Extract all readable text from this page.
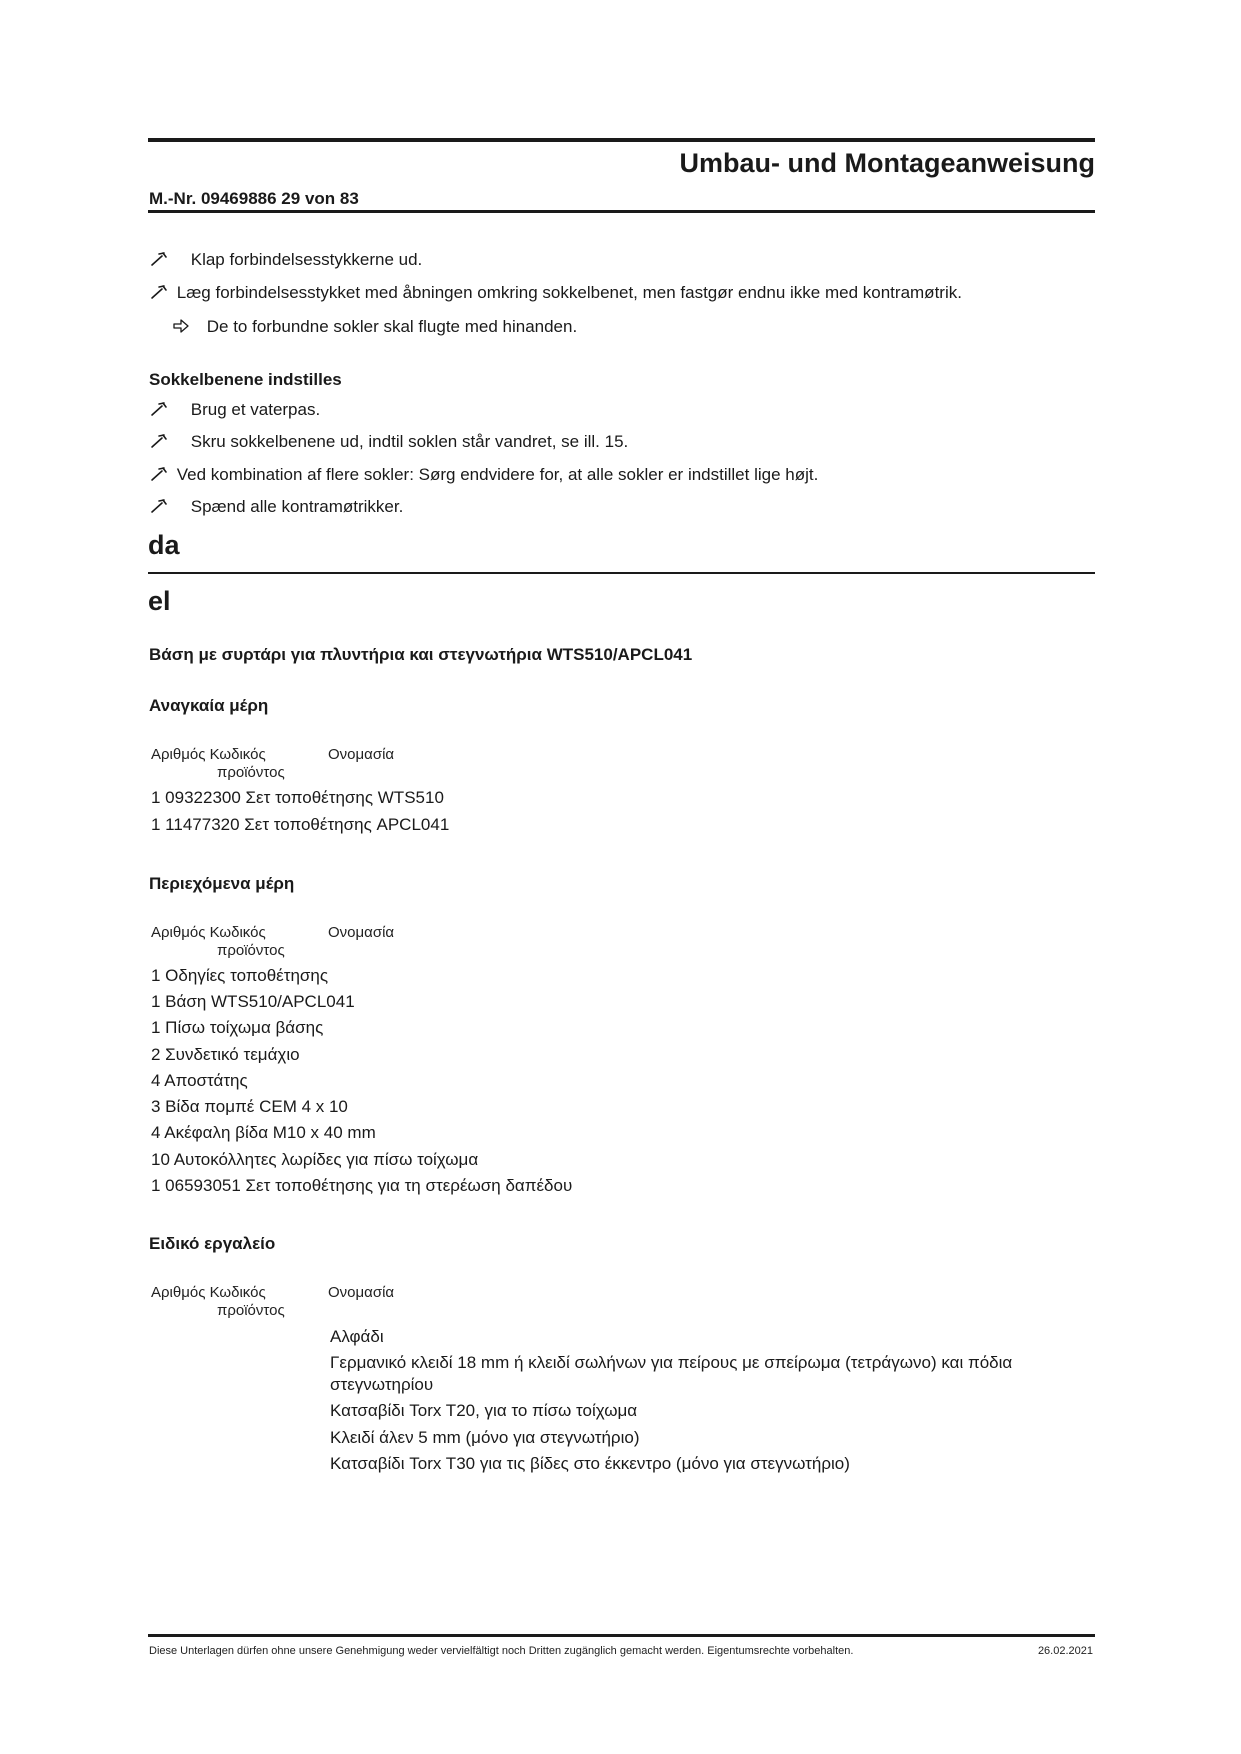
Umbau- und Montageanweisung
M.-Nr. 09469886 29 von 83
Klap forbindelsesstykkerne ud.
Læg forbindelsesstykket med åbningen omkring sokkelbenet, men fastgør endnu ikke med kontramøtrik.
De to forbundne sokler skal flugte med hinanden.
Sokkelbenene indstilles
Brug et vaterpas.
Skru sokkelbenene ud, indtil soklen står vandret, se ill. 15.
Ved kombination af flere sokler: Sørg endvidere for, at alle sokler er indstillet lige højt.
Spænd alle kontramøtrikker.
da
el
Βάση με συρτάρι για πλυντήρια και στεγνωτήρια WTS510/APCL041
Αναγκαία μέρη
Αριθμός Κωδικός
προϊόντος
Ονομασία
1 09322300 Σετ τοποθέτησης WTS510
1 11477320 Σετ τοποθέτησης APCL041
Περιεχόμενα μέρη
Αριθμός Κωδικός
προϊόντος
Ονομασία
1 Οδηγίες τοποθέτησης
1 Βάση WTS510/APCL041
1 Πίσω τοίχωμα βάσης
2 Συνδετικό τεμάχιο
4 Αποστάτης
3 Βίδα πομπέ CEM 4 x 10
4 Ακέφαλη βίδα M10 x 40 mm
10 Αυτοκόλλητες λωρίδες για πίσω τοίχωμα
1 06593051 Σετ τοποθέτησης για τη στερέωση δαπέδου
Ειδικό εργαλείο
Αριθμός Κωδικός
προϊόντος
Ονομασία
Αλφάδι
Γερμανικό κλειδί 18 mm ή κλειδί σωλήνων για πείρους με σπείρωμα (τετράγωνο) και πόδια στεγνωτηρίου
Κατσαβίδι Torx T20, για το πίσω τοίχωμα
Κλειδί άλεν 5 mm (μόνο για στεγνωτήριο)
Κατσαβίδι Torx T30 για τις βίδες στο έκκεντρο (μόνο για στεγνωτήριο)
Diese Unterlagen dürfen ohne unsere Genehmigung weder vervielfältigt noch Dritten zugänglich gemacht werden. Eigentumsrechte vorbehalten.	26.02.2021
